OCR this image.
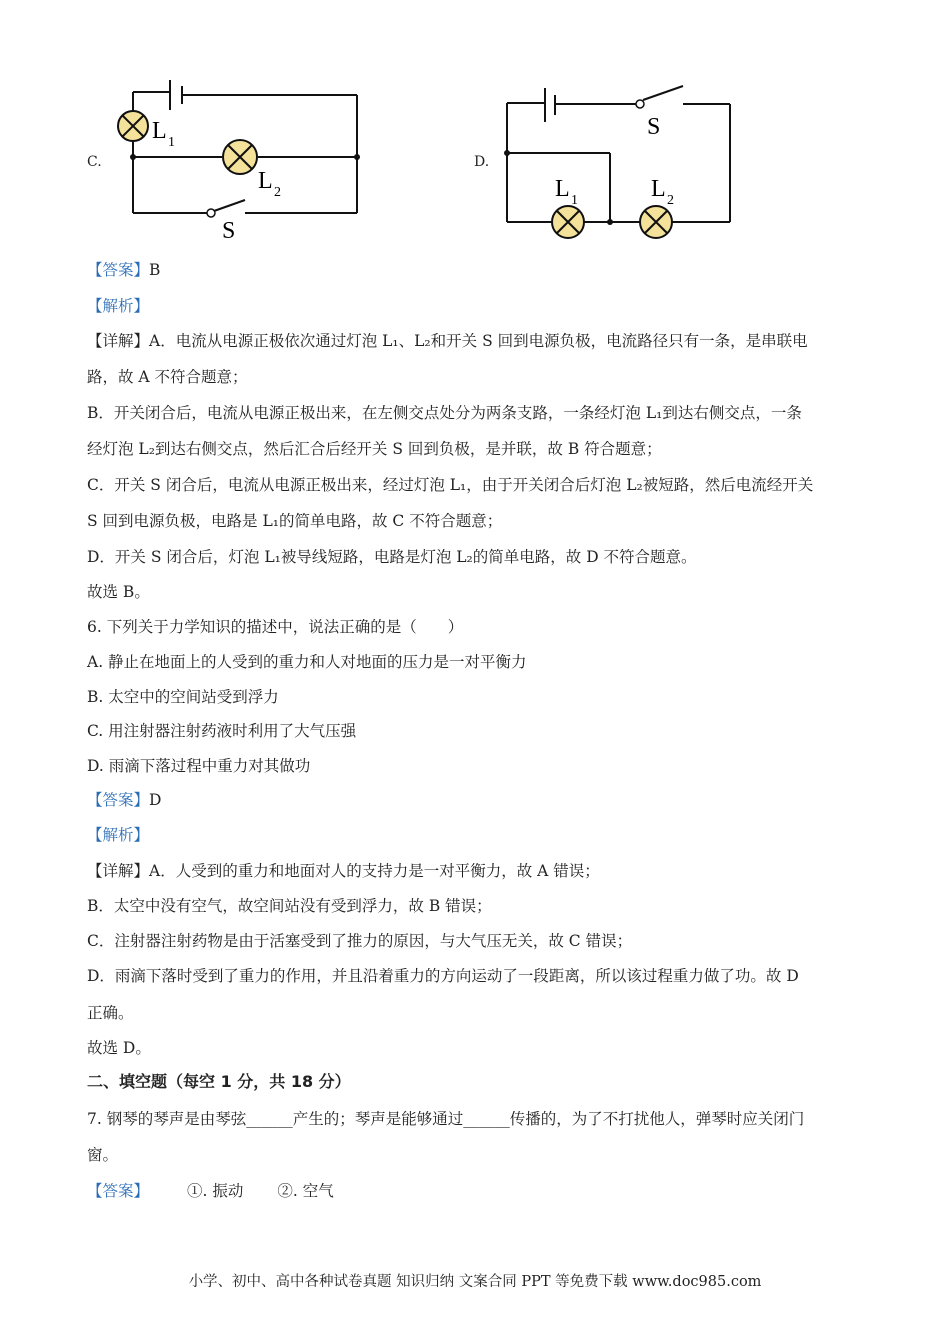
C.
L 1
L 2
S
D.
S
L 1	L 2
【答案】B
【解析】
【详解】A．电流从电源正极依次通过灯泡 L₁、L₂和开关 S 回到电源负极，电流路径只有一条，是串联电
路，故 A 不符合题意；
B．开关闭合后，电流从电源正极出来，在左侧交点处分为两条支路，一条经灯泡 L₁到达右侧交点，一条
经灯泡 L₂到达右侧交点，然后汇合后经开关 S 回到负极，是并联，故 B 符合题意；
C．开关 S 闭合后，电流从电源正极出来，经过灯泡 L₁，由于开关闭合后灯泡 L₂被短路，然后电流经开关
S 回到电源负极，电路是 L₁的简单电路，故 C 不符合题意；
D．开关 S 闭合后，灯泡 L₁被导线短路，电路是灯泡 L₂的简单电路，故 D 不符合题意。
故选 B。
6. 下列关于力学知识的描述中，说法正确的是（　　）
A. 静止在地面上的人受到的重力和人对地面的压力是一对平衡力
B. 太空中的空间站受到浮力
C. 用注射器注射药液时利用了大气压强
D. 雨滴下落过程中重力对其做功
【答案】D
【解析】
【详解】A．人受到的重力和地面对人的支持力是一对平衡力，故 A 错误；
B．太空中没有空气，故空间站没有受到浮力，故 B 错误；
C．注射器注射药物是由于活塞受到了推力的原因，与大气压无关，故 C 错误；
D．雨滴下落时受到了重力的作用，并且沿着重力的方向运动了一段距离，所以该过程重力做了功。故 D
正确。
故选 D。
二、填空题（每空 1 分，共 18 分）
7. 钢琴的琴声是由琴弦______产生的；琴声是能够通过______传播的，为了不打扰他人，弹琴时应关闭门
窗。
【答案】 ①. 振动 ②. 空气
小学、初中、高中各种试卷真题 知识归纳 文案合同 PPT 等免费下载 www.doc985.com
